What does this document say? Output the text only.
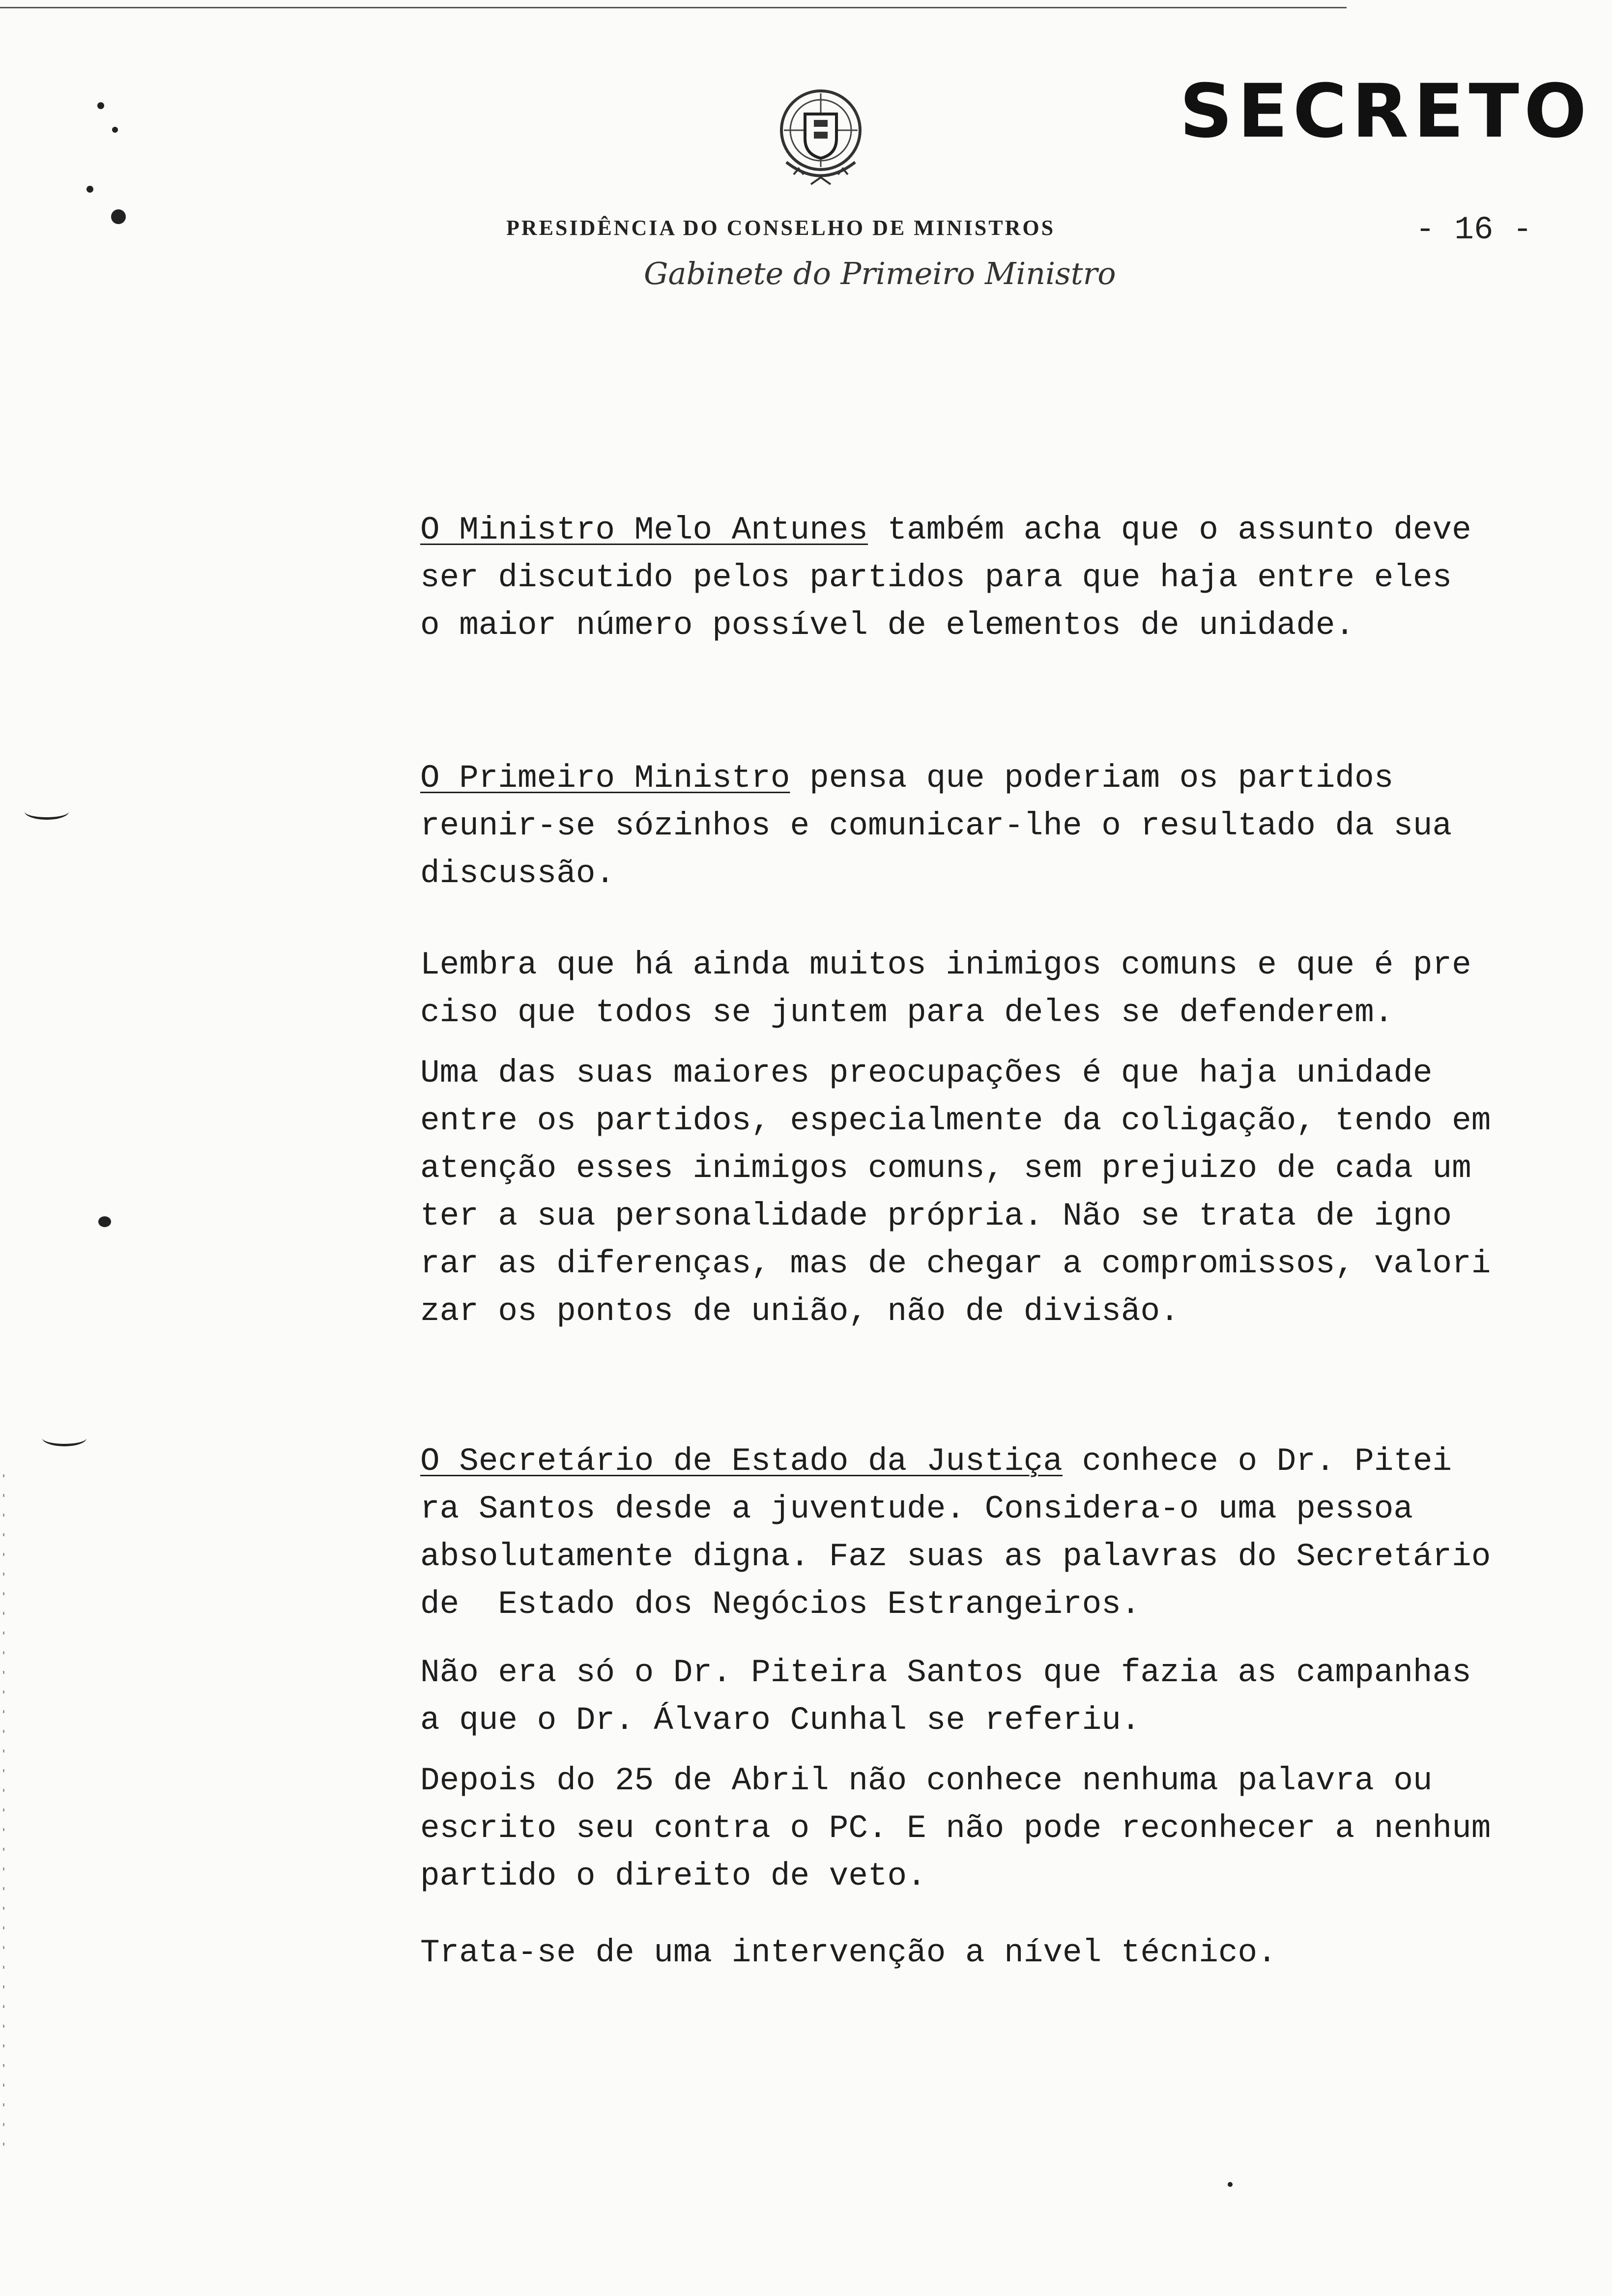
SECRETO
PRESIDÊNCIA DO CONSELHO DE MINISTROS	- 16 -
Gabinete do Primeiro Ministro

O Ministro Melo Antunes também acha que o assunto deve

ser discutido pelos partidos para que haja entre eles

o maior número possível de elementos de unidade.

O Primeiro Ministro pensa que poderiam os partidos

reunir-se sózinhos e comunicar-lhe o resultado da sua

discussão.

Lembra que há ainda muitos inimigos comuns e que é pre

ciso que todos se juntem para deles se defenderem.

Uma das suas maiores preocupações é que haja unidade

entre os partidos, especialmente da coligação, tendo em

atenção esses inimigos comuns, sem prejuizo de cada um

ter a sua personalidade própria. Não se trata de igno

rar as diferenças, mas de chegar a compromissos, valori

zar os pontos de união, não de divisão.

O Secretário de Estado da Justiça conhece o Dr. Pitei

ra Santos desde a juventude. Considera-o uma pessoa

absolutamente digna. Faz suas as palavras do Secretário

de  Estado dos Negócios Estrangeiros.

Não era só o Dr. Piteira Santos que fazia as campanhas

a que o Dr. Álvaro Cunhal se referiu.

Depois do 25 de Abril não conhece nenhuma palavra ou

escrito seu contra o PC. E não pode reconhecer a nenhum

partido o direito de veto.

Trata-se de uma intervenção a nível técnico.
